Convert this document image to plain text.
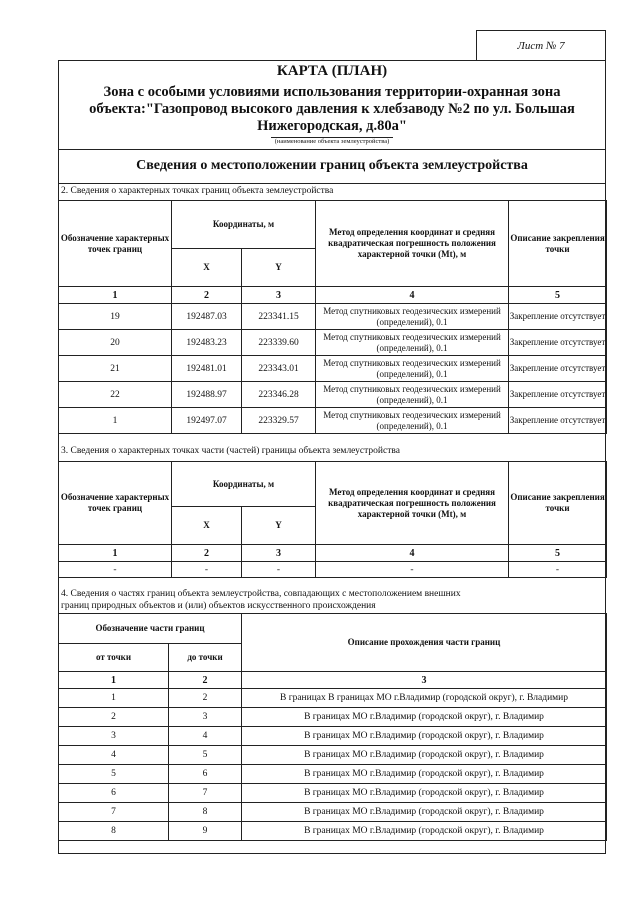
Лист № 7
КАРТА (ПЛАН)
Зона с особыми условиями использования территории-охранная зона
объекта:"Газопровод высокого давления к хлебзаводу №2 по ул. Большая
Нижегородская, д.80а"
(наименование объекта землеустройства)
Сведения о местоположении границ объекта землеустройства
2. Сведения о характерных точках границ объекта землеустройства
Обозначение характерных точек границ	Координаты, м		Метод определения координат и средняя квадратическая погрешность положения характерной точки (Mt), м	Описание закрепления точки
	X	Y		
1	2	3	4	5
19	192487.03	223341.15	Метод спутниковых геодезических измерений (определений), 0.1	Закрепление отсутствует
20	192483.23	223339.60	Метод спутниковых геодезических измерений (определений), 0.1	Закрепление отсутствует
21	192481.01	223343.01	Метод спутниковых геодезических измерений (определений), 0.1	Закрепление отсутствует
22	192488.97	223346.28	Метод спутниковых геодезических измерений (определений), 0.1	Закрепление отсутствует
1	192497.07	223329.57	Метод спутниковых геодезических измерений (определений), 0.1	Закрепление отсутствует
3. Сведения о характерных точках части (частей) границы объекта землеустройства
Обозначение характерных точек границ	Координаты, м		Метод определения координат и средняя квадратическая погрешность положения характерной точки (Mt), м	Описание закрепления точки
	X	Y		
1	2	3	4	5
-	-	-	-	-
4. Сведения о частях границ объекта землеустройства, совпадающих с местоположением внешних
границ природных объектов и (или) объектов искусственного происхождения
Обозначение части границ		Описание прохождения части границ
от точки	до точки	
1	2	3
1	2	В границах В границах МО г.Владимир (городской округ), г. Владимир
2	3	В границах МО г.Владимир (городской округ), г. Владимир
3	4	В границах МО г.Владимир (городской округ), г. Владимир
4	5	В границах МО г.Владимир (городской округ), г. Владимир
5	6	В границах МО г.Владимир (городской округ), г. Владимир
6	7	В границах МО г.Владимир (городской округ), г. Владимир
7	8	В границах МО г.Владимир (городской округ), г. Владимир
8	9	В границах МО г.Владимир (городской округ), г. Владимир
